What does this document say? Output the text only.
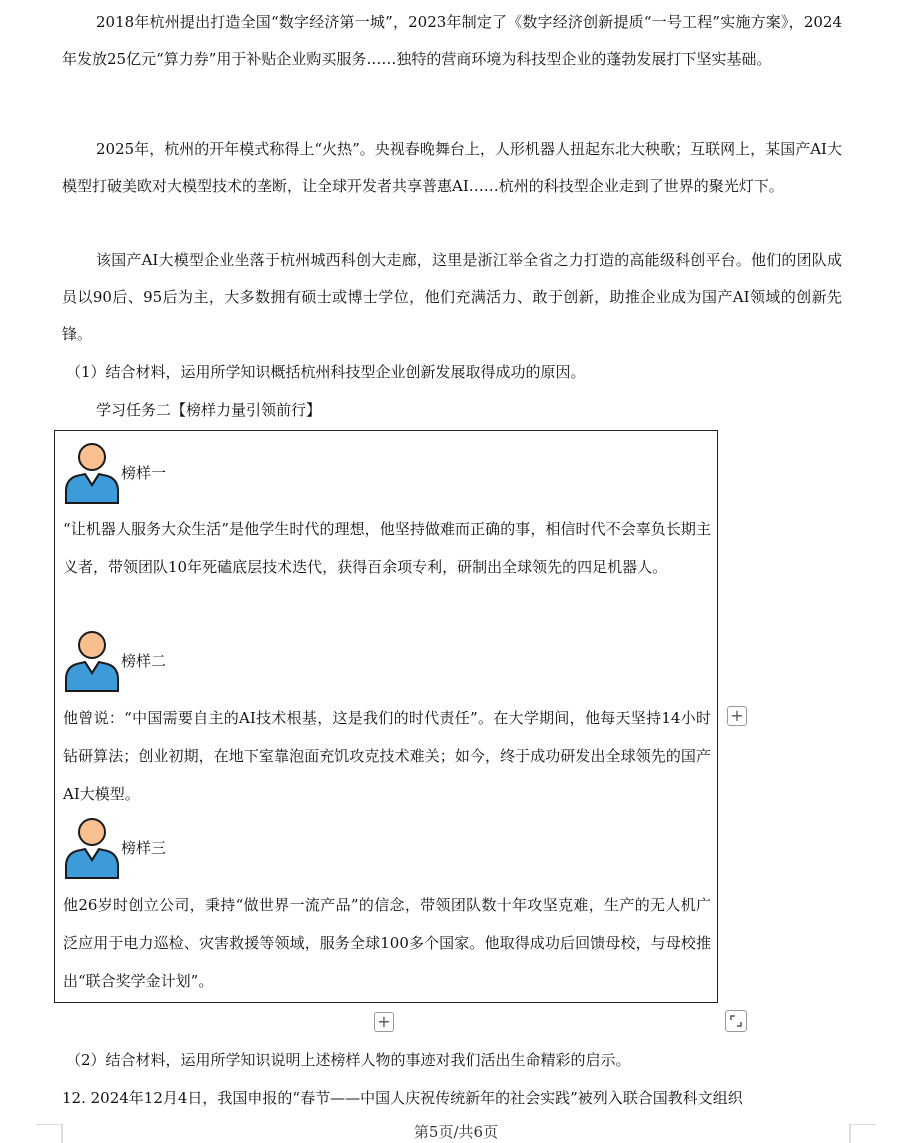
2018年杭州提出打造全国“数字经济第一城”，2023年制定了《数字经济创新提质“一号工程”实施方案》，2024年发放25亿元“算力券”用于补贴企业购买服务……独特的营商环境为科技型企业的蓬勃发展打下坚实基础。

2025年，杭州的开年模式称得上“火热”。央视春晚舞台上，人形机器人扭起东北大秧歌；互联网上，某国产AI大模型打破美欧对大模型技术的垄断，让全球开发者共享普惠AI……杭州的科技型企业走到了世界的聚光灯下。

该国产AI大模型企业坐落于杭州城西科创大走廊，这里是浙江举全省之力打造的高能级科创平台。他们的团队成员以90后、95后为主，大多数拥有硕士或博士学位，他们充满活力、敢于创新，助推企业成为国产AI领域的创新先锋。

（1）结合材料，运用所学知识概括杭州科技型企业创新发展取得成功的原因。
学习任务二【榜样力量引领前行】
榜样一

“让机器人服务大众生活”是他学生时代的理想，他坚持做难而正确的事，相信时代不会辜负长期主义者，带领团队10年死磕底层技术迭代，获得百余项专利，研制出全球领先的四足机器人。

榜样二

他曾说：“中国需要自主的AI技术根基，这是我们的时代责任”。在大学期间，他每天坚持14小时钻研算法；创业初期，在地下室靠泡面充饥攻克技术难关；如今，终于成功研发出全球领先的国产AI大模型。

榜样三

他26岁时创立公司，秉持“做世界一流产品”的信念，带领团队数十年攻坚克难，生产的无人机广泛应用于电力巡检、灾害救援等领域，服务全球100多个国家。他取得成功后回馈母校，与母校推出“联合奖学金计划”。

+
+
（2）结合材料，运用所学知识说明上述榜样人物的事迹对我们活出生命精彩的启示。
12. 2024年12月4日，我国申报的“春节——中国人庆祝传统新年的社会实践”被列入联合国教科文组织
第5页/共6页
